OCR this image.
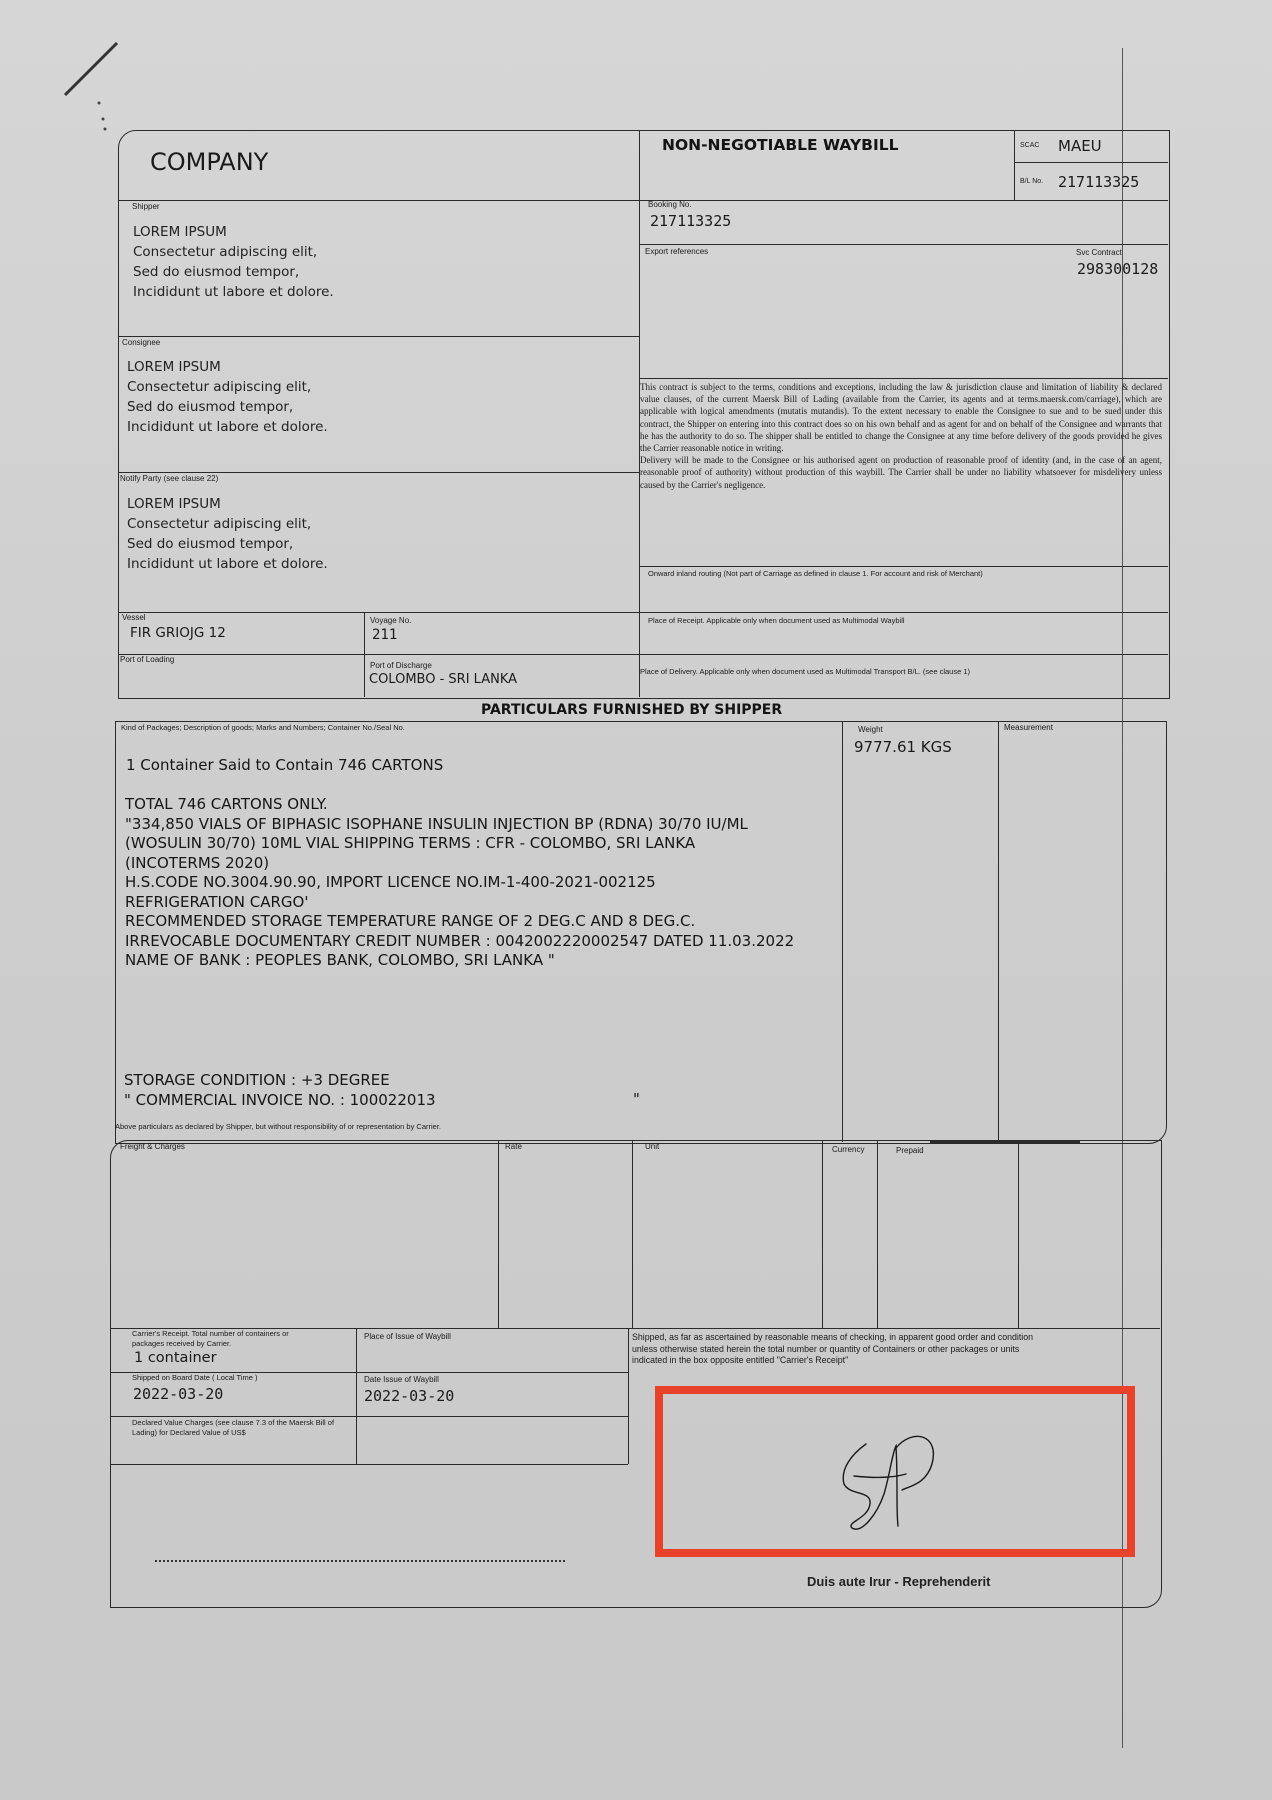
COMPANY
NON-NEGOTIABLE WAYBILL	SCAC MAEU
B/L No. 217113325
Shipper
LOREM IPSUM
Consectetur adipiscing elit,
Sed do eiusmod tempor,
Incididunt ut labore et dolore.
Booking No.
217113325
Export references	Svc Contract
298300128
Consignee
LOREM IPSUM
Consectetur adipiscing elit,
Sed do eiusmod tempor,
Incididunt ut labore et dolore.
This contract is subject to the terms, conditions and exceptions, including the law & jurisdiction clause and limitation of liability & declared value clauses, of the current Maersk Bill of Lading (available from the Carrier, its agents and at terms.maersk.com/carriage), which are applicable with logical amendments (mutatis mutandis). To the extent necessary to enable the Consignee to sue and to be sued under this contract, the Shipper on entering into this contract does so on his own behalf and as agent for and on behalf of the Consignee and warrants that he has the authority to do so. The shipper shall be entitled to change the Consignee at any time before delivery of the goods provided he gives the Carrier reasonable notice in writing.
Delivery will be made to the Consignee or his authorised agent on production of reasonable proof of identity (and, in the case of an agent, reasonable proof of authority) without production of this waybill. The Carrier shall be under no liability whatsoever for misdelivery unless caused by the Carrier's negligence.
Notify Party (see clause 22)
LOREM IPSUM
Consectetur adipiscing elit,
Sed do eiusmod tempor,
Incididunt ut labore et dolore.
Onward inland routing (Not part of Carriage as defined in clause 1. For account and risk of Merchant)
Vessel
FIR GRIOJG 12
Voyage No.
211
Place of Receipt. Applicable only when document used as Multimodal Waybill
Port of Loading
Port of Discharge
COLOMBO - SRI LANKA
Place of Delivery. Applicable only when document used as Multimodal Transport B/L. (see clause 1)
PARTICULARS FURNISHED BY SHIPPER
Kind of Packages; Description of goods; Marks and Numbers; Container No./Seal No.	Weight
9777.61 KGS
Measurement
1 Container Said to Contain 746 CARTONS
TOTAL 746 CARTONS ONLY.
"334,850 VIALS OF BIPHASIC ISOPHANE INSULIN INJECTION BP (RDNA) 30/70 IU/ML
(WOSULIN 30/70) 10ML VIAL SHIPPING TERMS : CFR - COLOMBO, SRI LANKA
(INCOTERMS 2020)
H.S.CODE NO.3004.90.90, IMPORT LICENCE NO.IM-1-400-2021-002125
REFRIGERATION CARGO'
RECOMMENDED STORAGE TEMPERATURE RANGE OF 2 DEG.C AND 8 DEG.C.
IRREVOCABLE DOCUMENTARY CREDIT NUMBER : 0042002220002547 DATED 11.03.2022
NAME OF BANK : PEOPLES BANK, COLOMBO, SRI LANKA "
STORAGE CONDITION : +3 DEGREE
" COMMERCIAL INVOICE NO. : 100022013	"
Above particulars as declared by Shipper, but without responsibility of or representation by Carrier.
Freight & Charges	Rate	Unit	Currency	Prepaid
Carrier's Receipt. Total number of containers or
packages received by Carrier.
1 container
Place of Issue of Waybill
Shipped on Board Date ( Local Time )
2022-03-20
Date Issue of Waybill
2022-03-20
Declared Value Charges (see clause 7.3 of the Maersk Bill of
Lading) for Declared Value of US$
Shipped, as far as ascertained by reasonable means of checking, in apparent good order and condition
unless otherwise stated herein the total number or quantity of Containers or other packages or units
indicated in the box opposite entitled "Carrier's Receipt"
Duis aute Irur - Reprehenderit
